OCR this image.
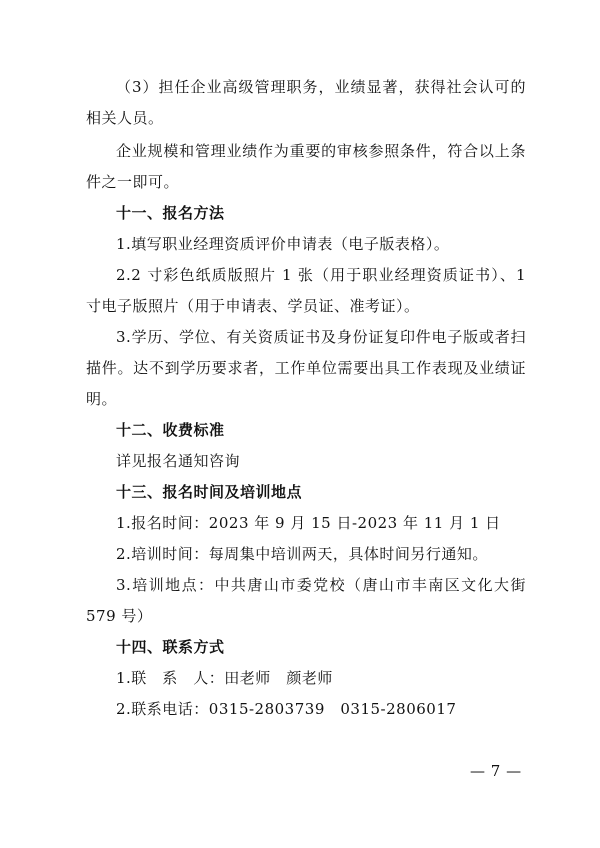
（3）担任企业高级管理职务，业绩显著，获得社会认可的相关人员。
企业规模和管理业绩作为重要的审核参照条件，符合以上条件之一即可。
十一、报名方法
1.填写职业经理资质评价申请表（电子版表格）。
2.2 寸彩色纸质版照片 1 张（用于职业经理资质证书）、1 寸电子版照片（用于申请表、学员证、准考证）。
3.学历、学位、有关资质证书及身份证复印件电子版或者扫描件。达不到学历要求者，工作单位需要出具工作表现及业绩证明。
十二、收费标准
详见报名通知咨询
十三、报名时间及培训地点
1.报名时间：2023 年 9 月 15 日-2023 年 11 月 1 日
2.培训时间：每周集中培训两天，具体时间另行通知。
3.培训地点：中共唐山市委党校（唐山市丰南区文化大街579 号）
十四、联系方式
1.联　系　人：田老师　颜老师
2.联系电话：0315-2803739　0315-2806017
— 7 —
